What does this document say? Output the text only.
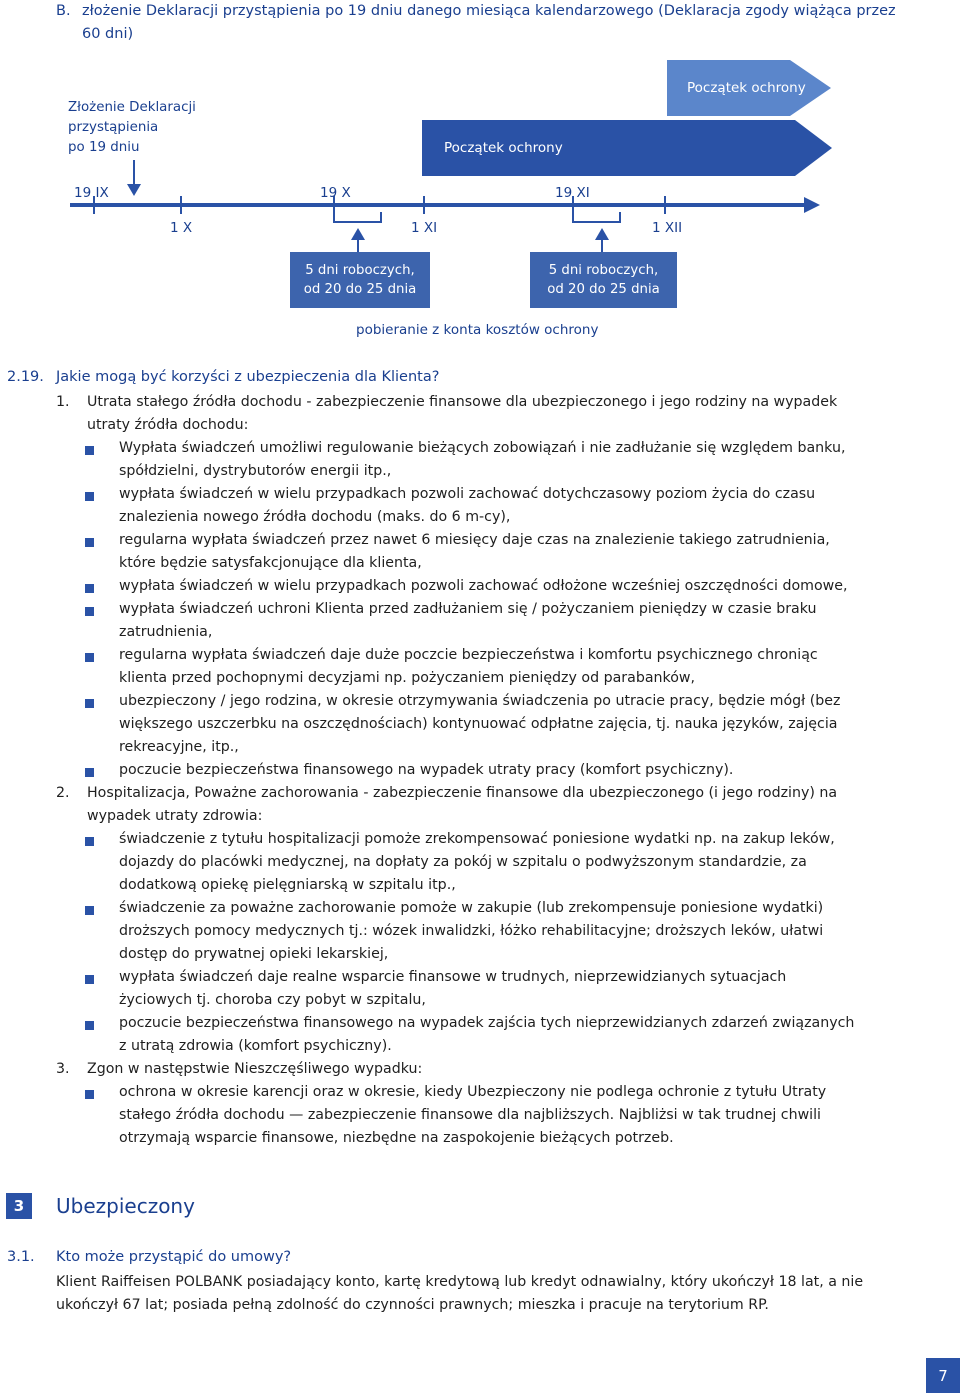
B. złożenie Deklaracji przystąpienia po 19 dniu danego miesiąca kalendarzowego (Deklaracja zgody wiążąca przez 60 dni)
Złożenie Deklaracji
przystąpienia
po 19 dniu
Początek ochrony
Początek ochrony
19 IX	19 X	19 XI
1 X	1 XI	1 XII
5 dni roboczych,
od 20 do 25 dnia
5 dni roboczych,
od 20 do 25 dnia
pobieranie z konta kosztów ochrony
2.19. Jakie mogą być korzyści z ubezpieczenia dla Klienta?
1. Utrata stałego źródła dochodu - zabezpieczenie finansowe dla ubezpieczonego i jego rodziny na wypadek
utraty źródła dochodu:
Wypłata świadczeń umożliwi regulowanie bieżących zobowiązań i nie zadłużanie się względem banku,
spółdzielni, dystrybutorów energii itp.,
wypłata świadczeń w wielu przypadkach pozwoli zachować dotychczasowy poziom życia do czasu
znalezienia nowego źródła dochodu (maks. do 6 m-cy),
regularna wypłata świadczeń przez nawet 6 miesięcy daje czas na znalezienie takiego zatrudnienia,
które będzie satysfakcjonujące dla klienta,
wypłata świadczeń w wielu przypadkach pozwoli zachować odłożone wcześniej oszczędności domowe,
wypłata świadczeń uchroni Klienta przed zadłużaniem się / pożyczaniem pieniędzy w czasie braku
zatrudnienia,
regularna wypłata świadczeń daje duże poczcie bezpieczeństwa i komfortu psychicznego chroniąc
klienta przed pochopnymi decyzjami np. pożyczaniem pieniędzy od parabanków,
ubezpieczony / jego rodzina, w okresie otrzymywania świadczenia po utracie pracy, będzie mógł (bez
większego uszczerbku na oszczędnościach) kontynuować odpłatne zajęcia, tj. nauka języków, zajęcia
rekreacyjne, itp.,
poczucie bezpieczeństwa finansowego na wypadek utraty pracy (komfort psychiczny).
2. Hospitalizacja, Poważne zachorowania - zabezpieczenie finansowe dla ubezpieczonego (i jego rodziny) na
wypadek utraty zdrowia:
świadczenie z tytułu hospitalizacji pomoże zrekompensować poniesione wydatki np. na zakup leków,
dojazdy do placówki medycznej, na dopłaty za pokój w szpitalu o podwyższonym standardzie, za
dodatkową opiekę pielęgniarską w szpitalu itp.,
świadczenie za poważne zachorowanie pomoże w zakupie (lub zrekompensuje poniesione wydatki)
droższych pomocy medycznych tj.: wózek inwalidzki, łóżko rehabilitacyjne; droższych leków, ułatwi
dostęp do prywatnej opieki lekarskiej,
wypłata świadczeń daje realne wsparcie finansowe w trudnych, nieprzewidzianych sytuacjach
życiowych tj. choroba czy pobyt w szpitalu,
poczucie bezpieczeństwa finansowego na wypadek zajścia tych nieprzewidzianych zdarzeń związanych
z utratą zdrowia (komfort psychiczny).
3. Zgon w następstwie Nieszczęśliwego wypadku:
ochrona w okresie karencji oraz w okresie, kiedy Ubezpieczony nie podlega ochronie z tytułu Utraty
stałego źródła dochodu — zabezpieczenie finansowe dla najbliższych. Najbliżsi w tak trudnej chwili
otrzymają wsparcie finansowe, niezbędne na zaspokojenie bieżących potrzeb.
3	Ubezpieczony
3.1. Kto może przystąpić do umowy?
Klient Raiffeisen POLBANK posiadający konto, kartę kredytową lub kredyt odnawialny, który ukończył 18 lat, a nie
ukończył 67 lat; posiada pełną zdolność do czynności prawnych; mieszka i pracuje na terytorium RP.
7
